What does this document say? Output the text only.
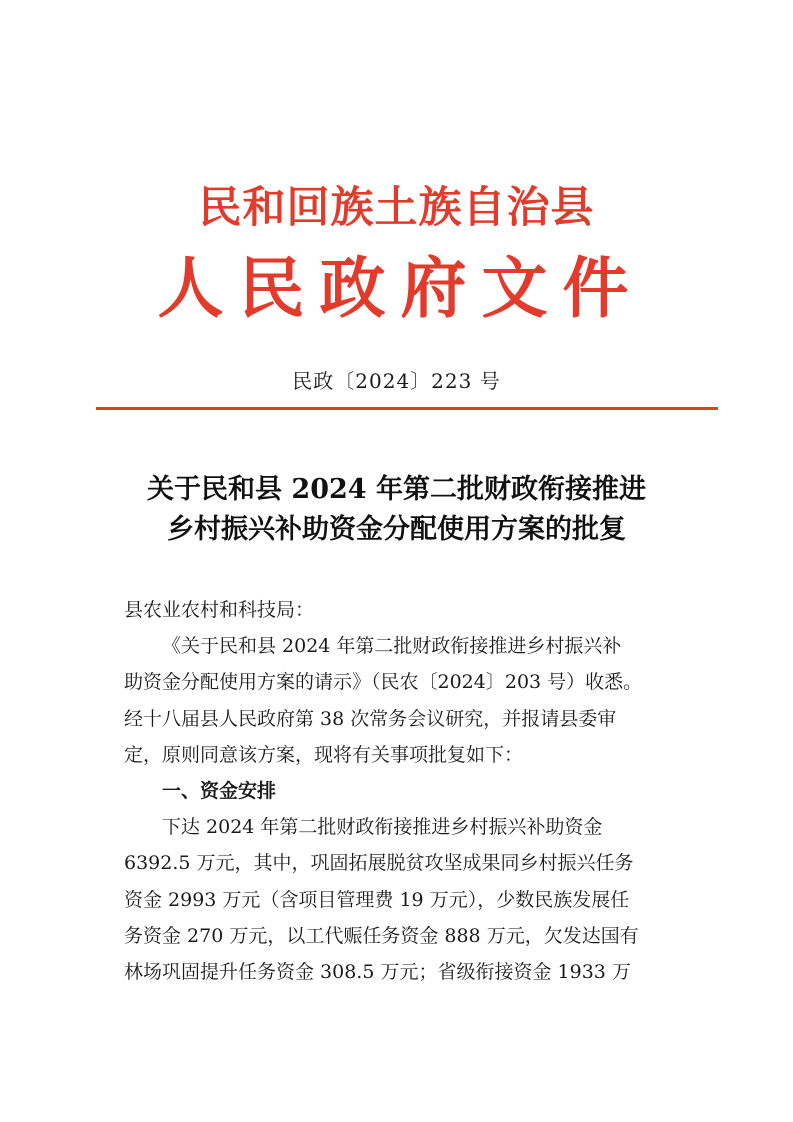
民和回族土族自治县
人民政府文件
民政〔2024〕223 号
关于民和县 2024 年第二批财政衔接推进
乡村振兴补助资金分配使用方案的批复
县农业农村和科技局：
《关于民和县 2024 年第二批财政衔接推进乡村振兴补
助资金分配使用方案的请示》（民农〔2024〕203 号）收悉。
经十八届县人民政府第 38 次常务会议研究，并报请县委审
定，原则同意该方案，现将有关事项批复如下：
一、资金安排
下达 2024 年第二批财政衔接推进乡村振兴补助资金
6392.5 万元，其中，巩固拓展脱贫攻坚成果同乡村振兴任务
资金 2993 万元（含项目管理费 19 万元），少数民族发展任
务资金 270 万元，以工代赈任务资金 888 万元，欠发达国有
林场巩固提升任务资金 308.5 万元；省级衔接资金 1933 万
